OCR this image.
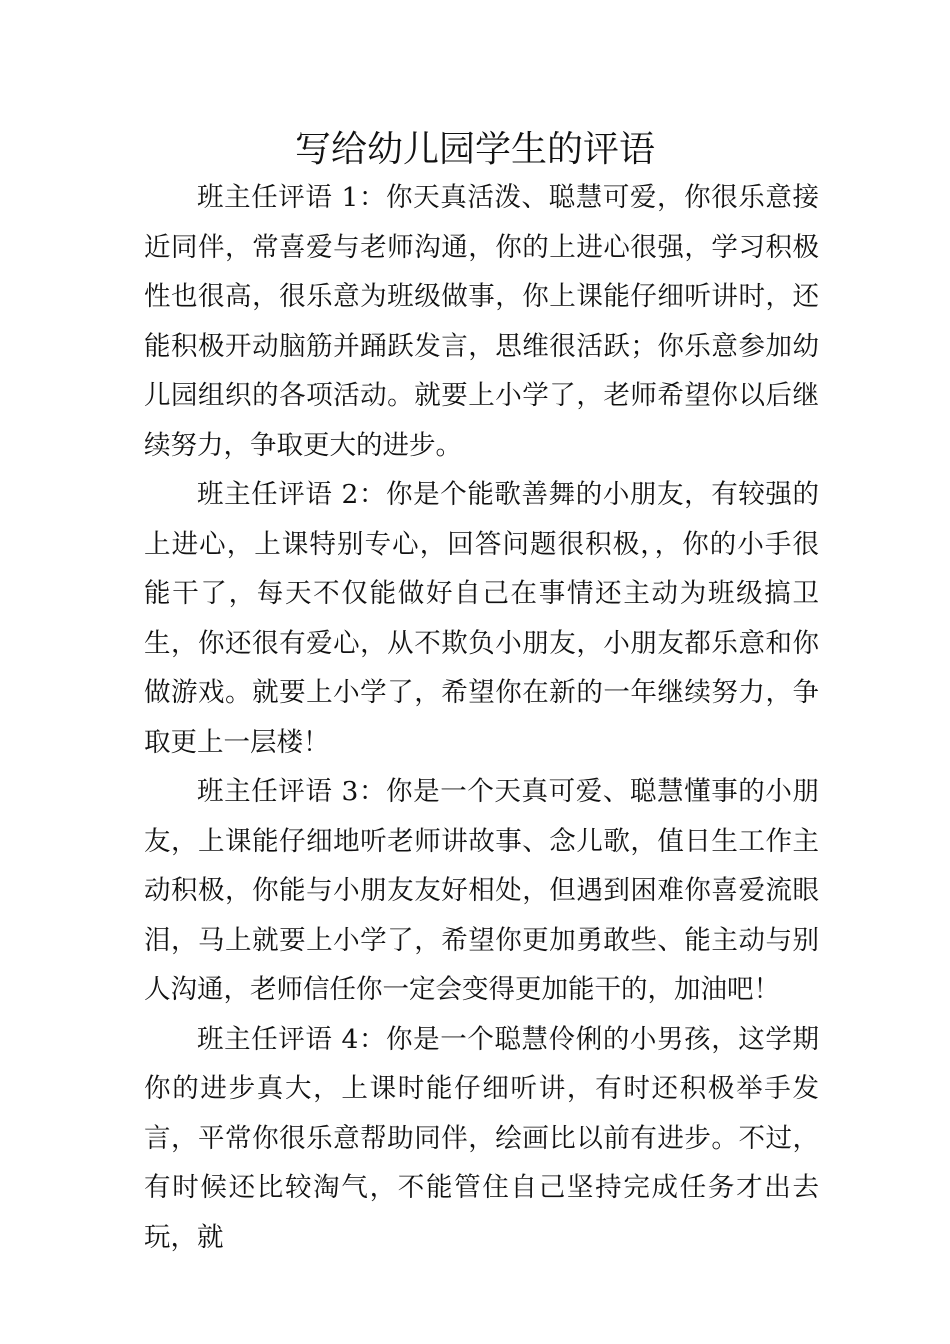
写给幼儿园学生的评语

班主任评语 1：你天真活泼、聪慧可爱，你很乐意接近同伴，常喜爱与老师沟通，你的上进心很强，学习积极性也很高，很乐意为班级做事，你上课能仔细听讲时，还能积极开动脑筋并踊跃发言，思维很活跃；你乐意参加幼儿园组织的各项活动。就要上小学了，老师希望你以后继续努力，争取更大的进步。

班主任评语 2：你是个能歌善舞的小朋友，有较强的上进心，上课特别专心，回答问题很积极，，你的小手很能干了，每天不仅能做好自己在事情还主动为班级搞卫生，你还很有爱心，从不欺负小朋友，小朋友都乐意和你做游戏。就要上小学了，希望你在新的一年继续努力，争取更上一层楼！

班主任评语 3：你是一个天真可爱、聪慧懂事的小朋友，上课能仔细地听老师讲故事、念儿歌，值日生工作主动积极，你能与小朋友友好相处，但遇到困难你喜爱流眼泪，马上就要上小学了，希望你更加勇敢些、能主动与别人沟通，老师信任你一定会变得更加能干的，加油吧！

班主任评语 4：你是一个聪慧伶俐的小男孩，这学期你的进步真大，上课时能仔细听讲，有时还积极举手发言，平常你很乐意帮助同伴，绘画比以前有进步。不过，有时候还比较淘气，不能管住自己坚持完成任务才出去玩，就
